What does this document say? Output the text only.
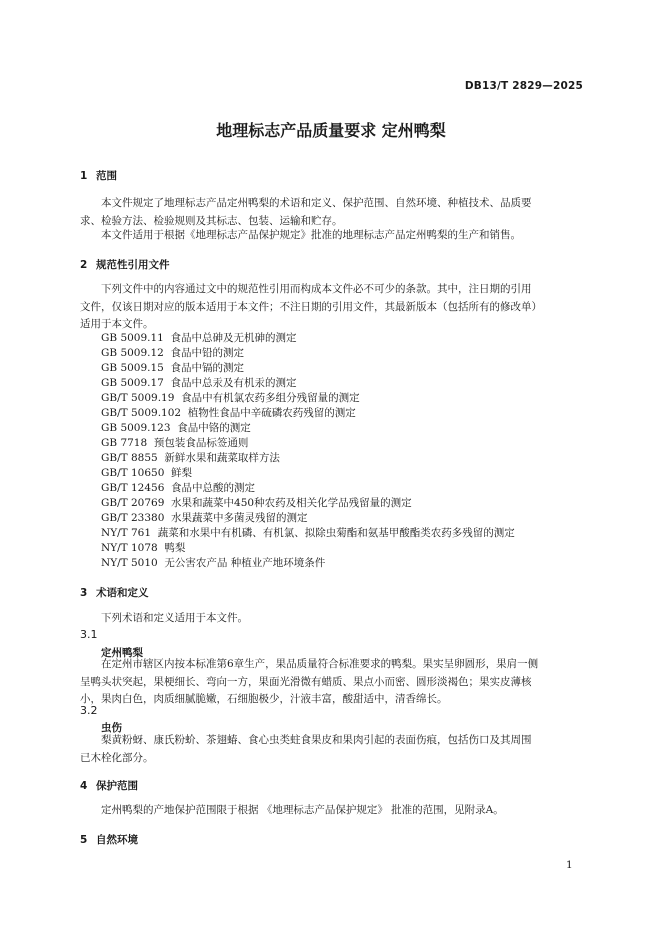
DB13/T 2829—2025
地理标志产品质量要求 定州鸭梨
1 范围
本文件规定了地理标志产品定州鸭梨的术语和定义、保护范围、自然环境、种植技术、品质要
求、检验方法、检验规则及其标志、包装、运输和贮存。
本文件适用于根据《地理标志产品保护规定》批准的地理标志产品定州鸭梨的生产和销售。
2 规范性引用文件
下列文件中的内容通过文中的规范性引用而构成本文件必不可少的条款。其中，注日期的引用
文件，仅该日期对应的版本适用于本文件；不注日期的引用文件，其最新版本（包括所有的修改单）
适用于本文件。
GB 5009.11  食品中总砷及无机砷的测定
GB 5009.12  食品中铅的测定
GB 5009.15  食品中镉的测定
GB 5009.17  食品中总汞及有机汞的测定
GB/T 5009.19  食品中有机氯农药多组分残留量的测定
GB/T 5009.102  植物性食品中辛硫磷农药残留的测定
GB 5009.123  食品中铬的测定
GB 7718  预包装食品标签通则
GB/T 8855  新鲜水果和蔬菜取样方法
GB/T 10650  鲜梨
GB/T 12456  食品中总酸的测定
GB/T 20769  水果和蔬菜中450种农药及相关化学品残留量的测定
GB/T 23380  水果蔬菜中多菌灵残留的测定
NY/T 761  蔬菜和水果中有机磷、有机氯、拟除虫菊酯和氨基甲酸酯类农药多残留的测定
NY/T 1078  鸭梨
NY/T 5010  无公害农产品 种植业产地环境条件
3 术语和定义
下列术语和定义适用于本文件。
3.1
定州鸭梨
在定州市辖区内按本标准第6章生产，果品质量符合标准要求的鸭梨。果实呈卵圆形，果肩一侧
呈鸭头状突起，果梗细长、弯向一方，果面光滑微有蜡质、果点小而密、圆形淡褐色；果实皮薄核
小，果肉白色，肉质细腻脆嫩，石细胞极少，汁液丰富，酸甜适中，清香绵长。
3.2
虫伤
梨黄粉蚜、康氏粉蚧、茶翅蝽、食心虫类蛀食果皮和果肉引起的表面伤痕，包括伤口及其周围
已木栓化部分。
4 保护范围
定州鸭梨的产地保护范围限于根据 《地理标志产品保护规定》 批准的范围，见附录A。
5 自然环境
1
